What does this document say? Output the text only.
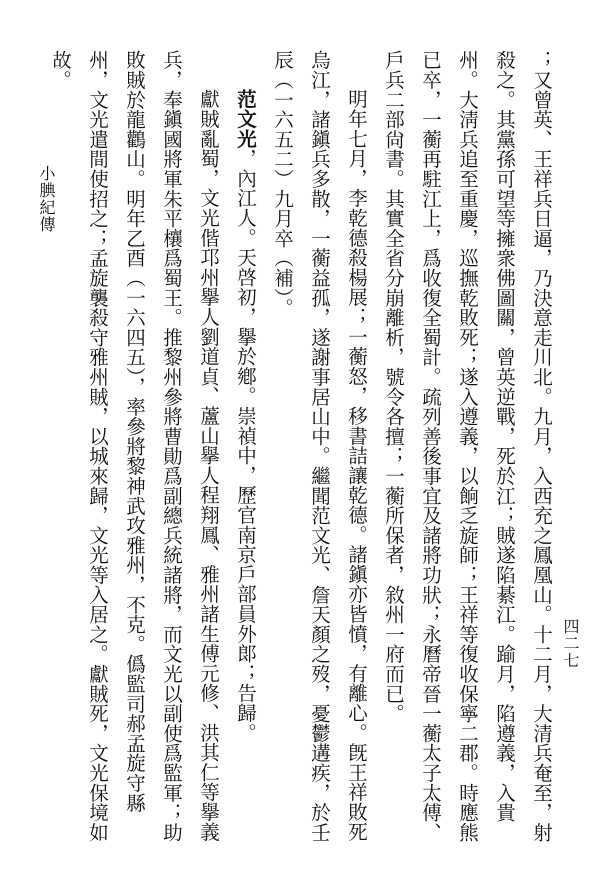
；又曾英、王祥兵日逼，乃決意走川北。九月，入西充之鳳凰山。十二月，大清兵奄至，射殺之。其黨孫可望等擁衆佛圖關，曾英逆戰，死於江；賊遂陷綦江。踰月，陷遵義，入貴州。大淸兵追至重慶，巡撫乾敗死；遂入遵義，以餉乏旋師；王祥等復收保寧二郡。時應熊已卒，一蘅再駐江上，爲收復全蜀計。疏列善後事宜及諸將功狀；永曆帝晉一蘅太子太傅、戶兵二部尙書。其實全省分崩離析，號令各擅；一蘅所保者，敘州一府而已。

明年七月，李乾德殺楊展；一蘅怒，移書詰讓乾德。諸鎭亦皆憤，有離心。旣王祥敗死烏江，諸鎭兵多散，一蘅益孤，遂謝事居山中。繼聞范文光、詹天顏之歿，憂鬱遘疾，於壬辰（一六五二）九月卒（補）。

范文光，內江人。天啓初，擧於鄕。崇禎中，歷官南京戶部員外郞；告歸。

獻賊亂蜀，文光偕邛州擧人劉道貞、蘆山擧人程翔鳳、雅州諸生傅元修、洪其仁等擧義兵，奉鎭國將軍朱平欀爲蜀王。推黎州參將曹勛爲副總兵統諸將，而文光以副使爲監軍；助敗賊於龍鸛山。明年乙酉（一六四五），率參將黎神武攻雅州，不克。僞監司郝孟旋守縣州，文光遣間使招之；孟旋襲殺守雅州賊，以城來歸，文光等入居之。獻賊死，文光保境如故。

小腆紀傳
四二七
